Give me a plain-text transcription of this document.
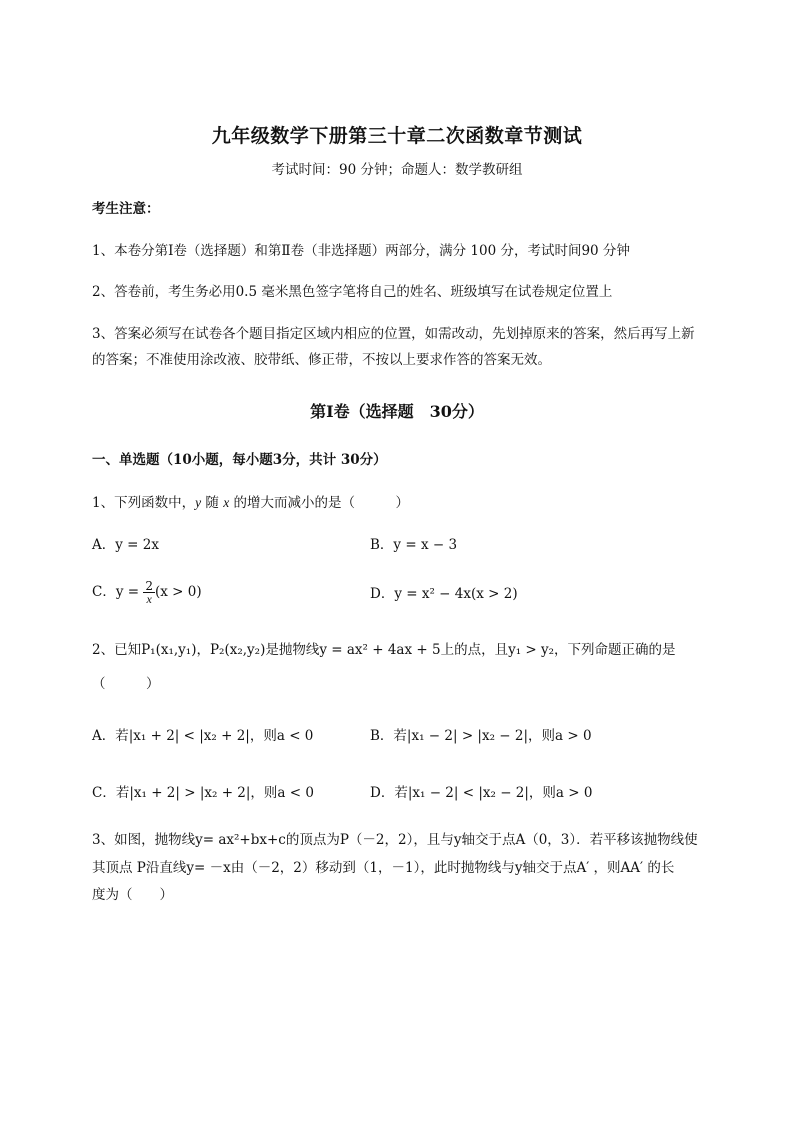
九年级数学下册第三十章二次函数章节测试
考试时间：90 分钟；命题人：数学教研组
考生注意：
1、本卷分第Ⅰ卷（选择题）和第Ⅱ卷（非选择题）两部分，满分 100 分，考试时间90 分钟
2、答卷前，考生务必用0.5 毫米黑色签字笔将自己的姓名、班级填写在试卷规定位置上
3、答案必须写在试卷各个题目指定区域内相应的位置，如需改动，先划掉原来的答案，然后再写上新
的答案；不准使用涂改液、胶带纸、修正带，不按以上要求作答的答案无效。
第Ⅰ卷（选择题　30分）
一、单选题（10小题，每小题3分，共计 30分）
1、下列函数中，y 随 x 的增大而减小的是（　　　）
A．y = 2x	B．y = x − 3
C．$y = \frac{2}{x} (x > 0)$	D．y = x² − 4x(x > 2)
2、已知P₁(x₁,y₁)，P₂(x₂,y₂)是抛物线y = ax² + 4ax + 5上的点，且y₁ > y₂，下列命题正确的是
（　　　）
A．若|x₁ + 2| < |x₂ + 2|，则a < 0	B．若|x₁ − 2| > |x₂ − 2|，则a > 0
C．若|x₁ + 2| > |x₂ + 2|，则a < 0	D．若|x₁ − 2| < |x₂ − 2|，则a > 0
3、如图，抛物线y= ax²+bx+c的顶点为P（－2，2），且与y轴交于点A（0，3）．若平移该抛物线使
其顶点 P沿直线y= －x由（－2，2）移动到（1，－1），此时抛物线与y轴交于点A′ ，则AA′ 的长
度为（　　）
